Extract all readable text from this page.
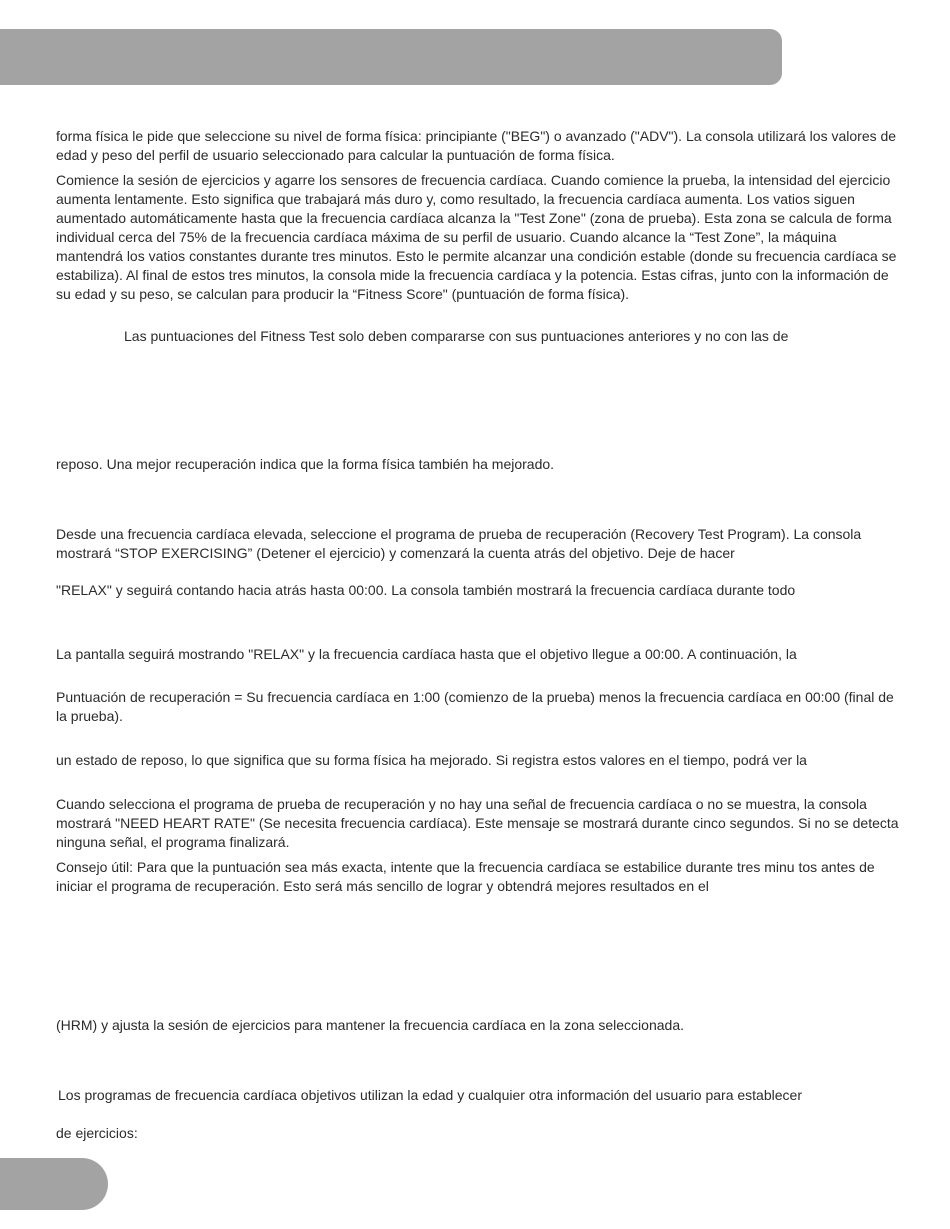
forma física le pide que seleccione su nivel de forma física: principiante ("BEG") o avanzado ("ADV"). La consola utilizará los valores de edad y peso del perfil de usuario seleccionado para calcular la puntuación de forma física.

Comience la sesión de ejercicios y agarre los sensores de frecuencia cardíaca. Cuando comience la prueba, la intensidad del ejercicio aumenta lentamente. Esto significa que trabajará más duro y, como resultado, la frecuencia cardíaca aumenta. Los vatios siguen aumentado automáticamente hasta que la frecuencia cardíaca alcanza la "Test Zone" (zona de prueba). Esta zona se calcula de forma individual cerca del 75% de la frecuencia cardíaca máxima de su perfil de usuario. Cuando alcance la “Test Zone”, la máquina mantendrá los vatios constantes durante tres minutos. Esto le permite alcanzar una condición estable (donde su frecuencia cardíaca se estabiliza). Al final de estos tres minutos, la consola mide la frecuencia cardíaca y la potencia. Estas cifras, junto con la información de su edad y su peso, se calculan para producir la “Fitness Score" (puntuación de forma física).

Las puntuaciones del Fitness Test solo deben compararse con sus puntuaciones anteriores y no con las de

reposo. Una mejor recuperación indica que la forma física también ha mejorado.

Desde una frecuencia cardíaca elevada, seleccione el programa de prueba de recuperación (Recovery Test Program). La consola mostrará “STOP EXERCISING” (Detener el ejercicio) y comenzará la cuenta atrás del objetivo. Deje de hacer

"RELAX" y seguirá contando hacia atrás hasta 00:00. La consola también mostrará la frecuencia cardíaca durante todo

La pantalla seguirá mostrando "RELAX" y la frecuencia cardíaca hasta que el objetivo llegue a 00:00. A continuación, la

Puntuación de recuperación = Su frecuencia cardíaca en 1:00 (comienzo de la prueba) menos la frecuencia cardíaca en 00:00 (final de la prueba).

un estado de reposo, lo que significa que su forma física ha mejorado. Si registra estos valores en el tiempo, podrá ver la

Cuando selecciona el programa de prueba de recuperación y no hay una señal de frecuencia cardíaca o no se muestra, la consola mostrará "NEED HEART RATE" (Se necesita frecuencia cardíaca). Este mensaje se mostrará durante cinco segundos. Si no se detecta ninguna señal, el programa finalizará.

Consejo útil: Para que la puntuación sea más exacta, intente que la frecuencia cardíaca se estabilice durante tres minu tos antes de iniciar el programa de recuperación. Esto será más sencillo de lograr y obtendrá mejores resultados en el

(HRM) y ajusta la sesión de ejercicios para mantener la frecuencia cardíaca en la zona seleccionada.

Los programas de frecuencia cardíaca objetivos utilizan la edad y cualquier otra información del usuario para establecer

de ejercicios:
